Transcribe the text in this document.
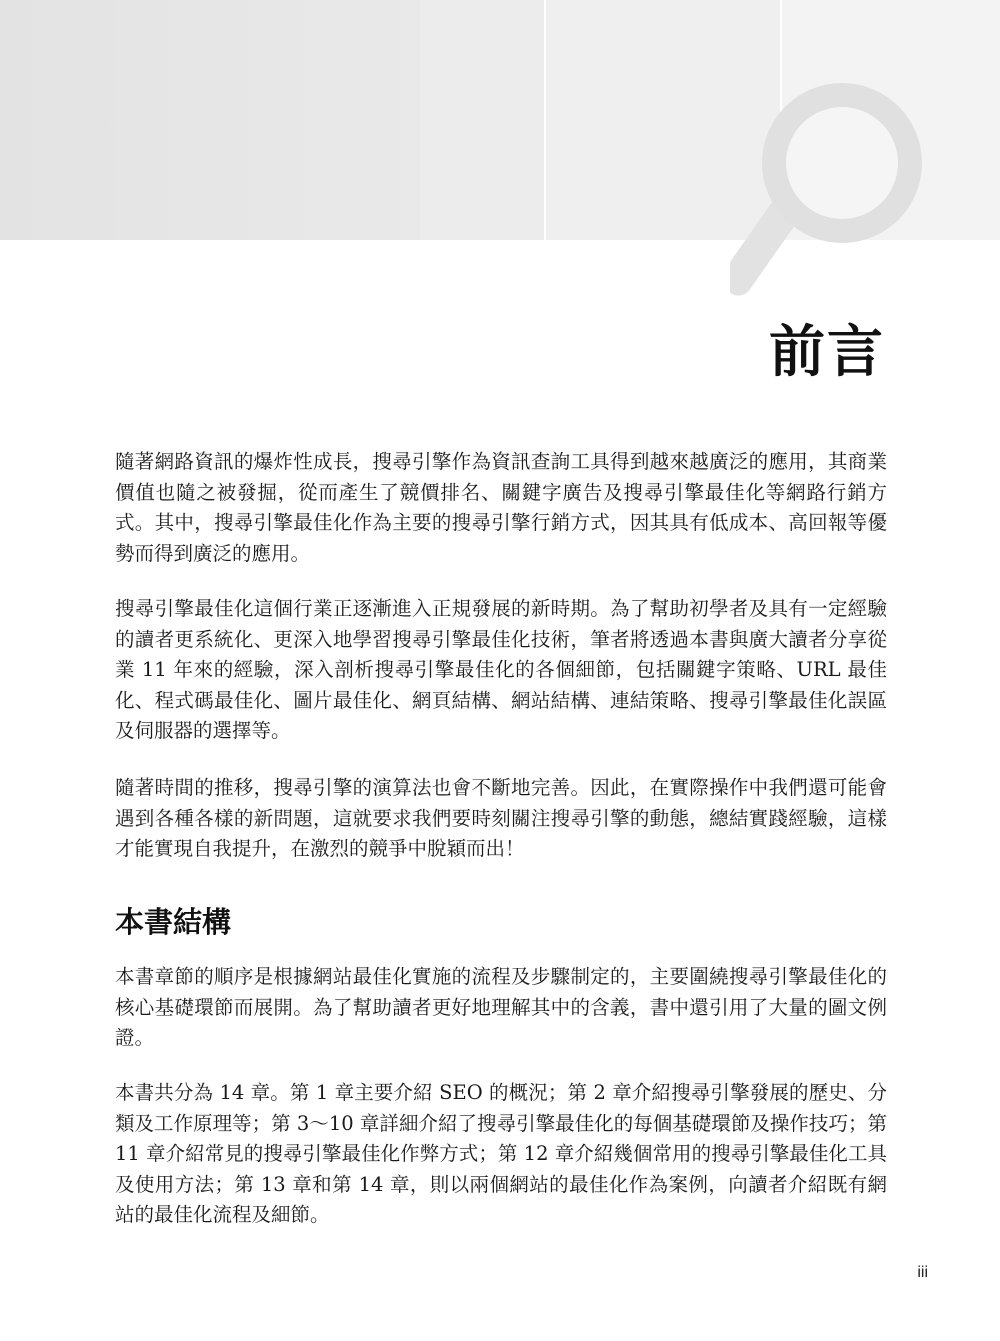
前言

隨著網路資訊的爆炸性成長，搜尋引擎作為資訊查詢工具得到越來越廣泛的應用，其商業價值也隨之被發掘，從而產生了競價排名、關鍵字廣告及搜尋引擎最佳化等網路行銷方式。其中，搜尋引擎最佳化作為主要的搜尋引擎行銷方式，因其具有低成本、高回報等優勢而得到廣泛的應用。

搜尋引擎最佳化這個行業正逐漸進入正規發展的新時期。為了幫助初學者及具有一定經驗的讀者更系統化、更深入地學習搜尋引擎最佳化技術，筆者將透過本書與廣大讀者分享從業 11 年來的經驗，深入剖析搜尋引擎最佳化的各個細節，包括關鍵字策略、URL 最佳化、程式碼最佳化、圖片最佳化、網頁結構、網站結構、連結策略、搜尋引擎最佳化誤區及伺服器的選擇等。

隨著時間的推移，搜尋引擎的演算法也會不斷地完善。因此，在實際操作中我們還可能會遇到各種各樣的新問題，這就要求我們要時刻關注搜尋引擎的動態，總結實踐經驗，這樣才能實現自我提升，在激烈的競爭中脫穎而出！

本書結構

本書章節的順序是根據網站最佳化實施的流程及步驟制定的，主要圍繞搜尋引擎最佳化的核心基礎環節而展開。為了幫助讀者更好地理解其中的含義，書中還引用了大量的圖文例證。

本書共分為 14 章。第 1 章主要介紹 SEO 的概況；第 2 章介紹搜尋引擎發展的歷史、分類及工作原理等；第 3～10 章詳細介紹了搜尋引擎最佳化的每個基礎環節及操作技巧；第 11 章介紹常見的搜尋引擎最佳化作弊方式；第 12 章介紹幾個常用的搜尋引擎最佳化工具及使用方法；第 13 章和第 14 章，則以兩個網站的最佳化作為案例，向讀者介紹既有網站的最佳化流程及細節。

iii
